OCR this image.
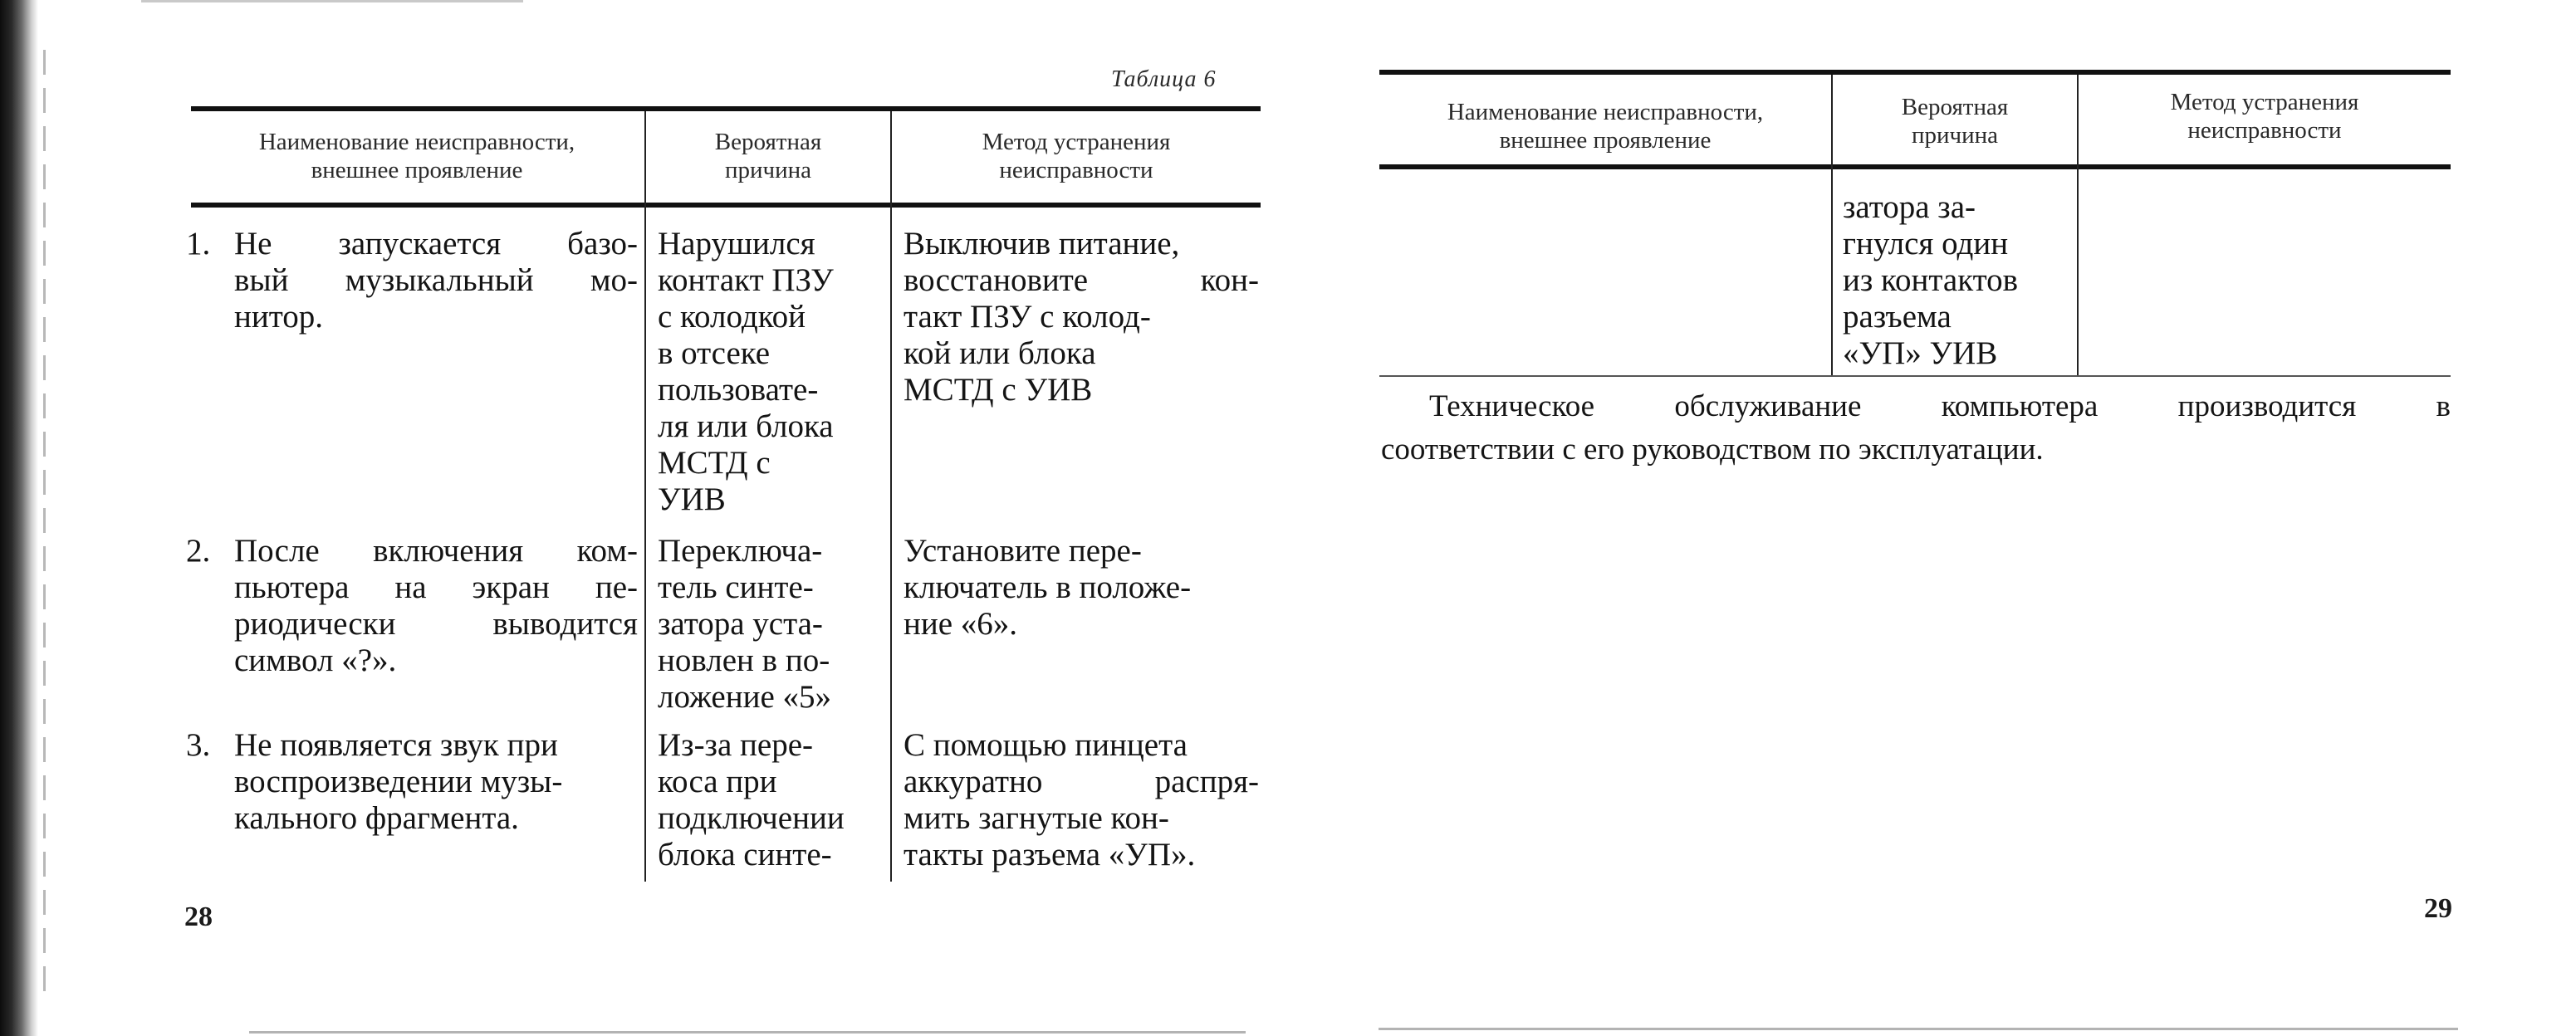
Таблица 6
Наименование неисправности,
внешнее проявление
Вероятная
причина
Метод устранения
неисправности
1. Не запускается базо-
вый музыкальный мо-
нитор.
Нарушился
контакт ПЗУ
с колодкой
в отсеке
пользовате-
ля или блока
МСТД с
УИВ
Выключив питание,
восстановите кон-
такт ПЗУ с колод-
кой или блока
МСТД с УИВ
2. После включения ком-
пьютера на экран пе-
риодически выводится
символ «?».
Переключа-
тель синте-
затора уста-
новлен в по-
ложение «5»
Установите пере-
ключатель в положе-
ние «6».
3. Не появляется звук при
воспроизведении музы-
кального фрагмента.
Из-за пере-
коса при
подключении
блока синте-
С помощью пинцета
аккуратно распря-
мить загнутые кон-
такты разъема «УП».
28
Наименование неисправности,
внешнее проявление
Вероятная
причина
Метод устранения
неисправности
затора за-
гнулся один
из контактов
разъема
«УП» УИВ
Техническое обслуживание компьютера производится в
соответствии с его руководством по эксплуатации.
29
